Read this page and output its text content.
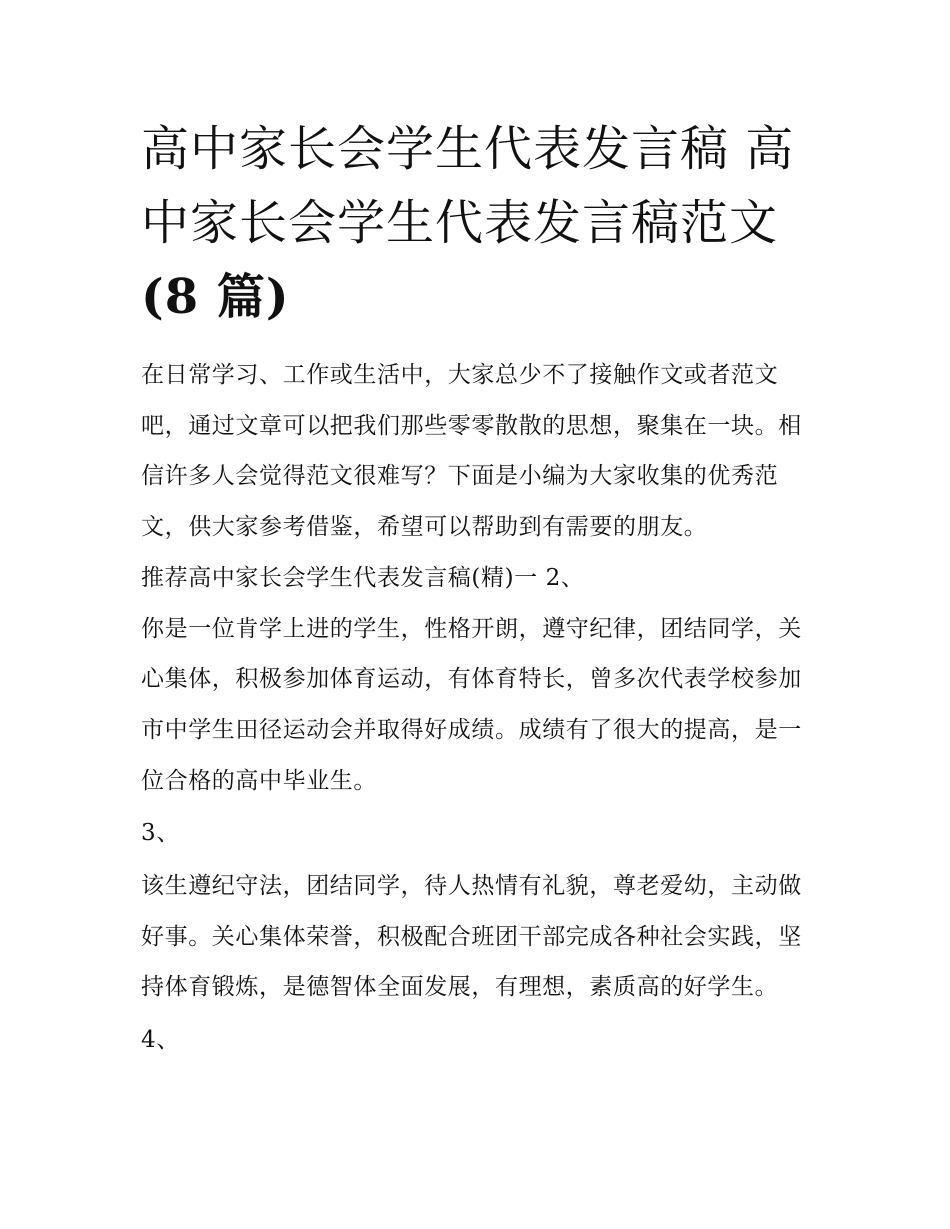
高中家长会学生代表发言稿 高中家长会学生代表发言稿范文
(8 篇)

在日常学习、工作或生活中，大家总少不了接触作文或者范文吧，通过文章可以把我们那些零零散散的思想，聚集在一块。相信许多人会觉得范文很难写？下面是小编为大家收集的优秀范文，供大家参考借鉴，希望可以帮助到有需要的朋友。

推荐高中家长会学生代表发言稿(精)一 2、

你是一位肯学上进的学生，性格开朗，遵守纪律，团结同学，关心集体，积极参加体育运动，有体育特长，曾多次代表学校参加市中学生田径运动会并取得好成绩。成绩有了很大的提高，是一位合格的高中毕业生。

3、

该生遵纪守法，团结同学，待人热情有礼貌，尊老爱幼，主动做好事。关心集体荣誉，积极配合班团干部完成各种社会实践，坚持体育锻炼，是德智体全面发展，有理想，素质高的好学生。

4、
